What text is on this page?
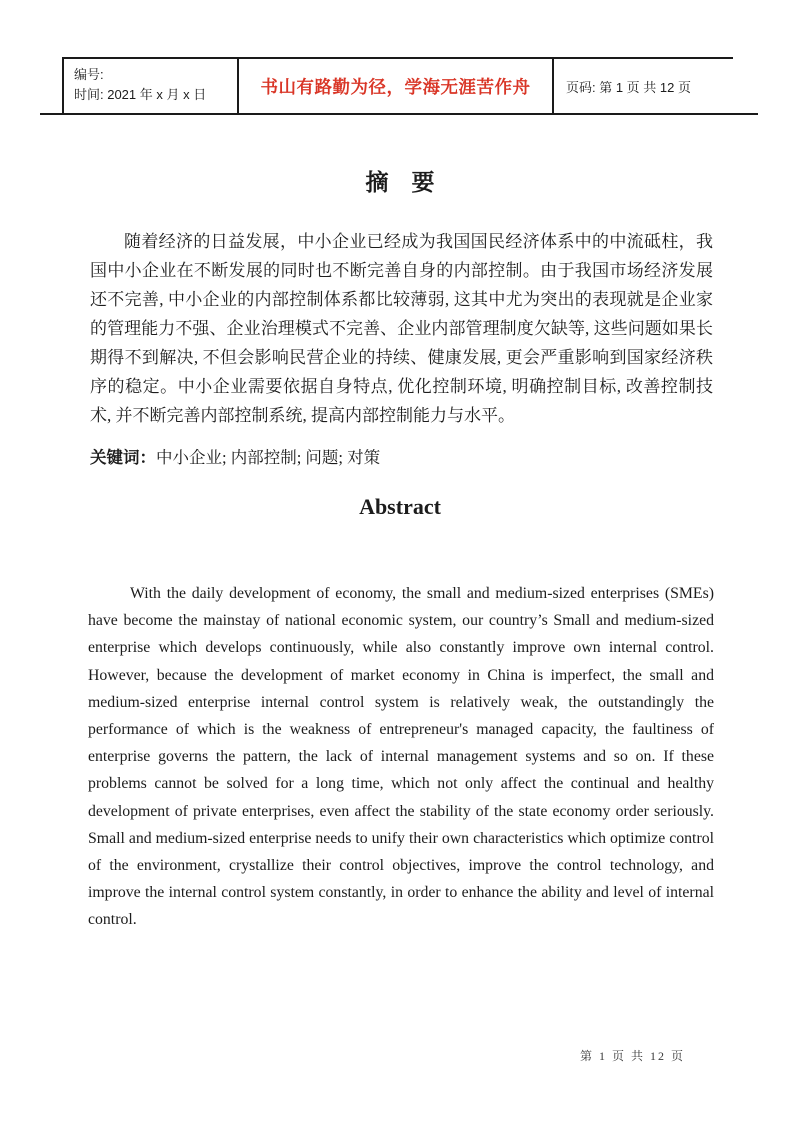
编号:
时间: 2021 年 x 月 x 日	书山有路勤为径，学海无涯苦作舟	页码: 第 1 页 共 12 页
摘　要
随着经济的日益发展，中小企业已经成为我国国民经济体系中的中流砥柱，我国中小企业在不断发展的同时也不断完善自身的内部控制。由于我国市场经济发展还不完善, 中小企业的内部控制体系都比较薄弱, 这其中尤为突出的表现就是企业家的管理能力不强、企业治理模式不完善、企业内部管理制度欠缺等, 这些问题如果长期得不到解决, 不但会影响民营企业的持续、健康发展, 更会严重影响到国家经济秩序的稳定。中小企业需要依据自身特点, 优化控制环境, 明确控制目标, 改善控制技术, 并不断完善内部控制系统, 提高内部控制能力与水平。
关键词：中小企业; 内部控制; 问题; 对策
Abstract
With the daily development of economy, the small and medium-sized enterprises (SMEs) have become the mainstay of national economic system, our country’s Small and medium-sized enterprise which develops continuously, while also constantly improve own internal control. However, because the development of market economy in China is imperfect, the small and medium-sized enterprise internal control system is relatively weak, the outstandingly the performance of which is the weakness of entrepreneur's managed capacity, the faultiness of enterprise governs the pattern, the lack of internal management systems and so on. If these problems cannot be solved for a long time, which not only affect the continual and healthy development of private enterprises, even affect the stability of the state economy order seriously. Small and medium-sized enterprise needs to unify their own characteristics which optimize control of the environment, crystallize their control objectives, improve the control technology, and improve the internal control system constantly, in order to enhance the ability and level of internal control.
第 1 页 共 12 页
